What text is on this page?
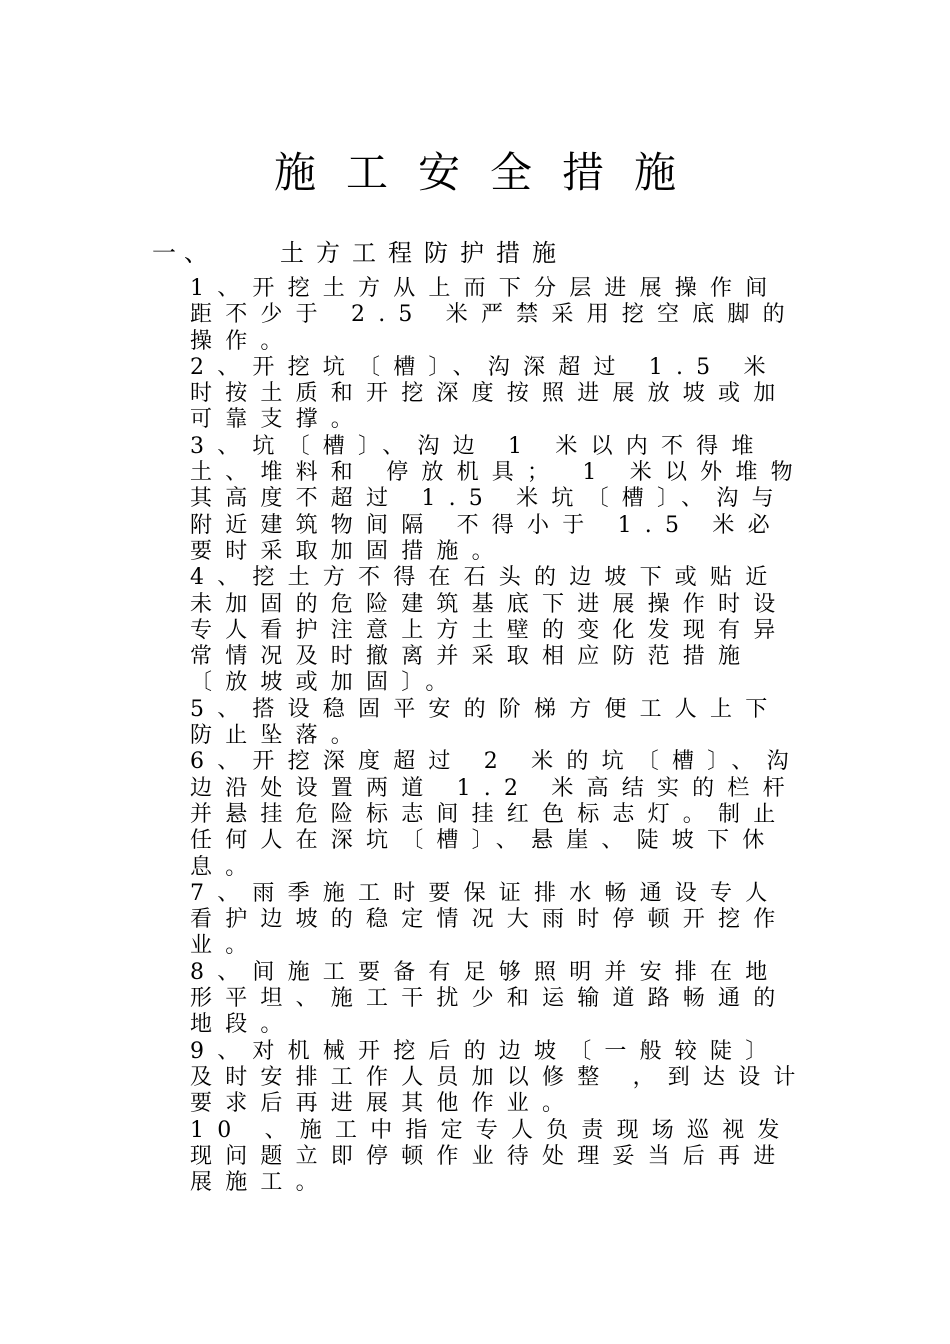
施工安全措施
一、	土方工程防护措施
1、开挖土方从上而下分层进展操作间距不少于 2.5 米严禁采用挖空底脚的操作。
2、开挖坑〔槽〕、沟深超过 1.5 米时按土质和开挖深度按照进展放坡或加可靠支撑。
3、坑〔槽〕、沟边 1 米以内不得堆土、堆料和 停放机具； 1 米以外堆物其高度不超过 1.5 米坑〔槽〕、沟与附近建筑物间隔 不得小于 1.5 米必要时采取加固措施。
4、挖土方不得在石头的边坡下或贴近未加固的危险建筑基底下进展操作时设专人看护注意上方土壁的变化发现有异常情况及时撤离并采取相应防范措施〔放坡或加固〕。
5、搭设稳固平安的阶梯方便工人上下防止坠落。
6、开挖深度超过 2 米的坑〔槽〕、沟边沿处设置两道 1.2 米高结实的栏杆并悬挂危险标志间挂红色标志灯。制止任何人在深坑〔槽〕、悬崖、陡坡下休息。
7、雨季施工时要保证排水畅通设专人看护边坡的稳定情况大雨时停顿开挖作业。
8、间施工要备有足够照明并安排在地形平坦、施工干扰少和运输道路畅通的地段。
9、对机械开挖后的边坡〔一般较陡〕及时安排工作人员加以修整 ，到达设计要求后再进展其他作业。
10 、施工中指定专人负责现场巡视发现问题立即停顿作业待处理妥当后再进展施工。
